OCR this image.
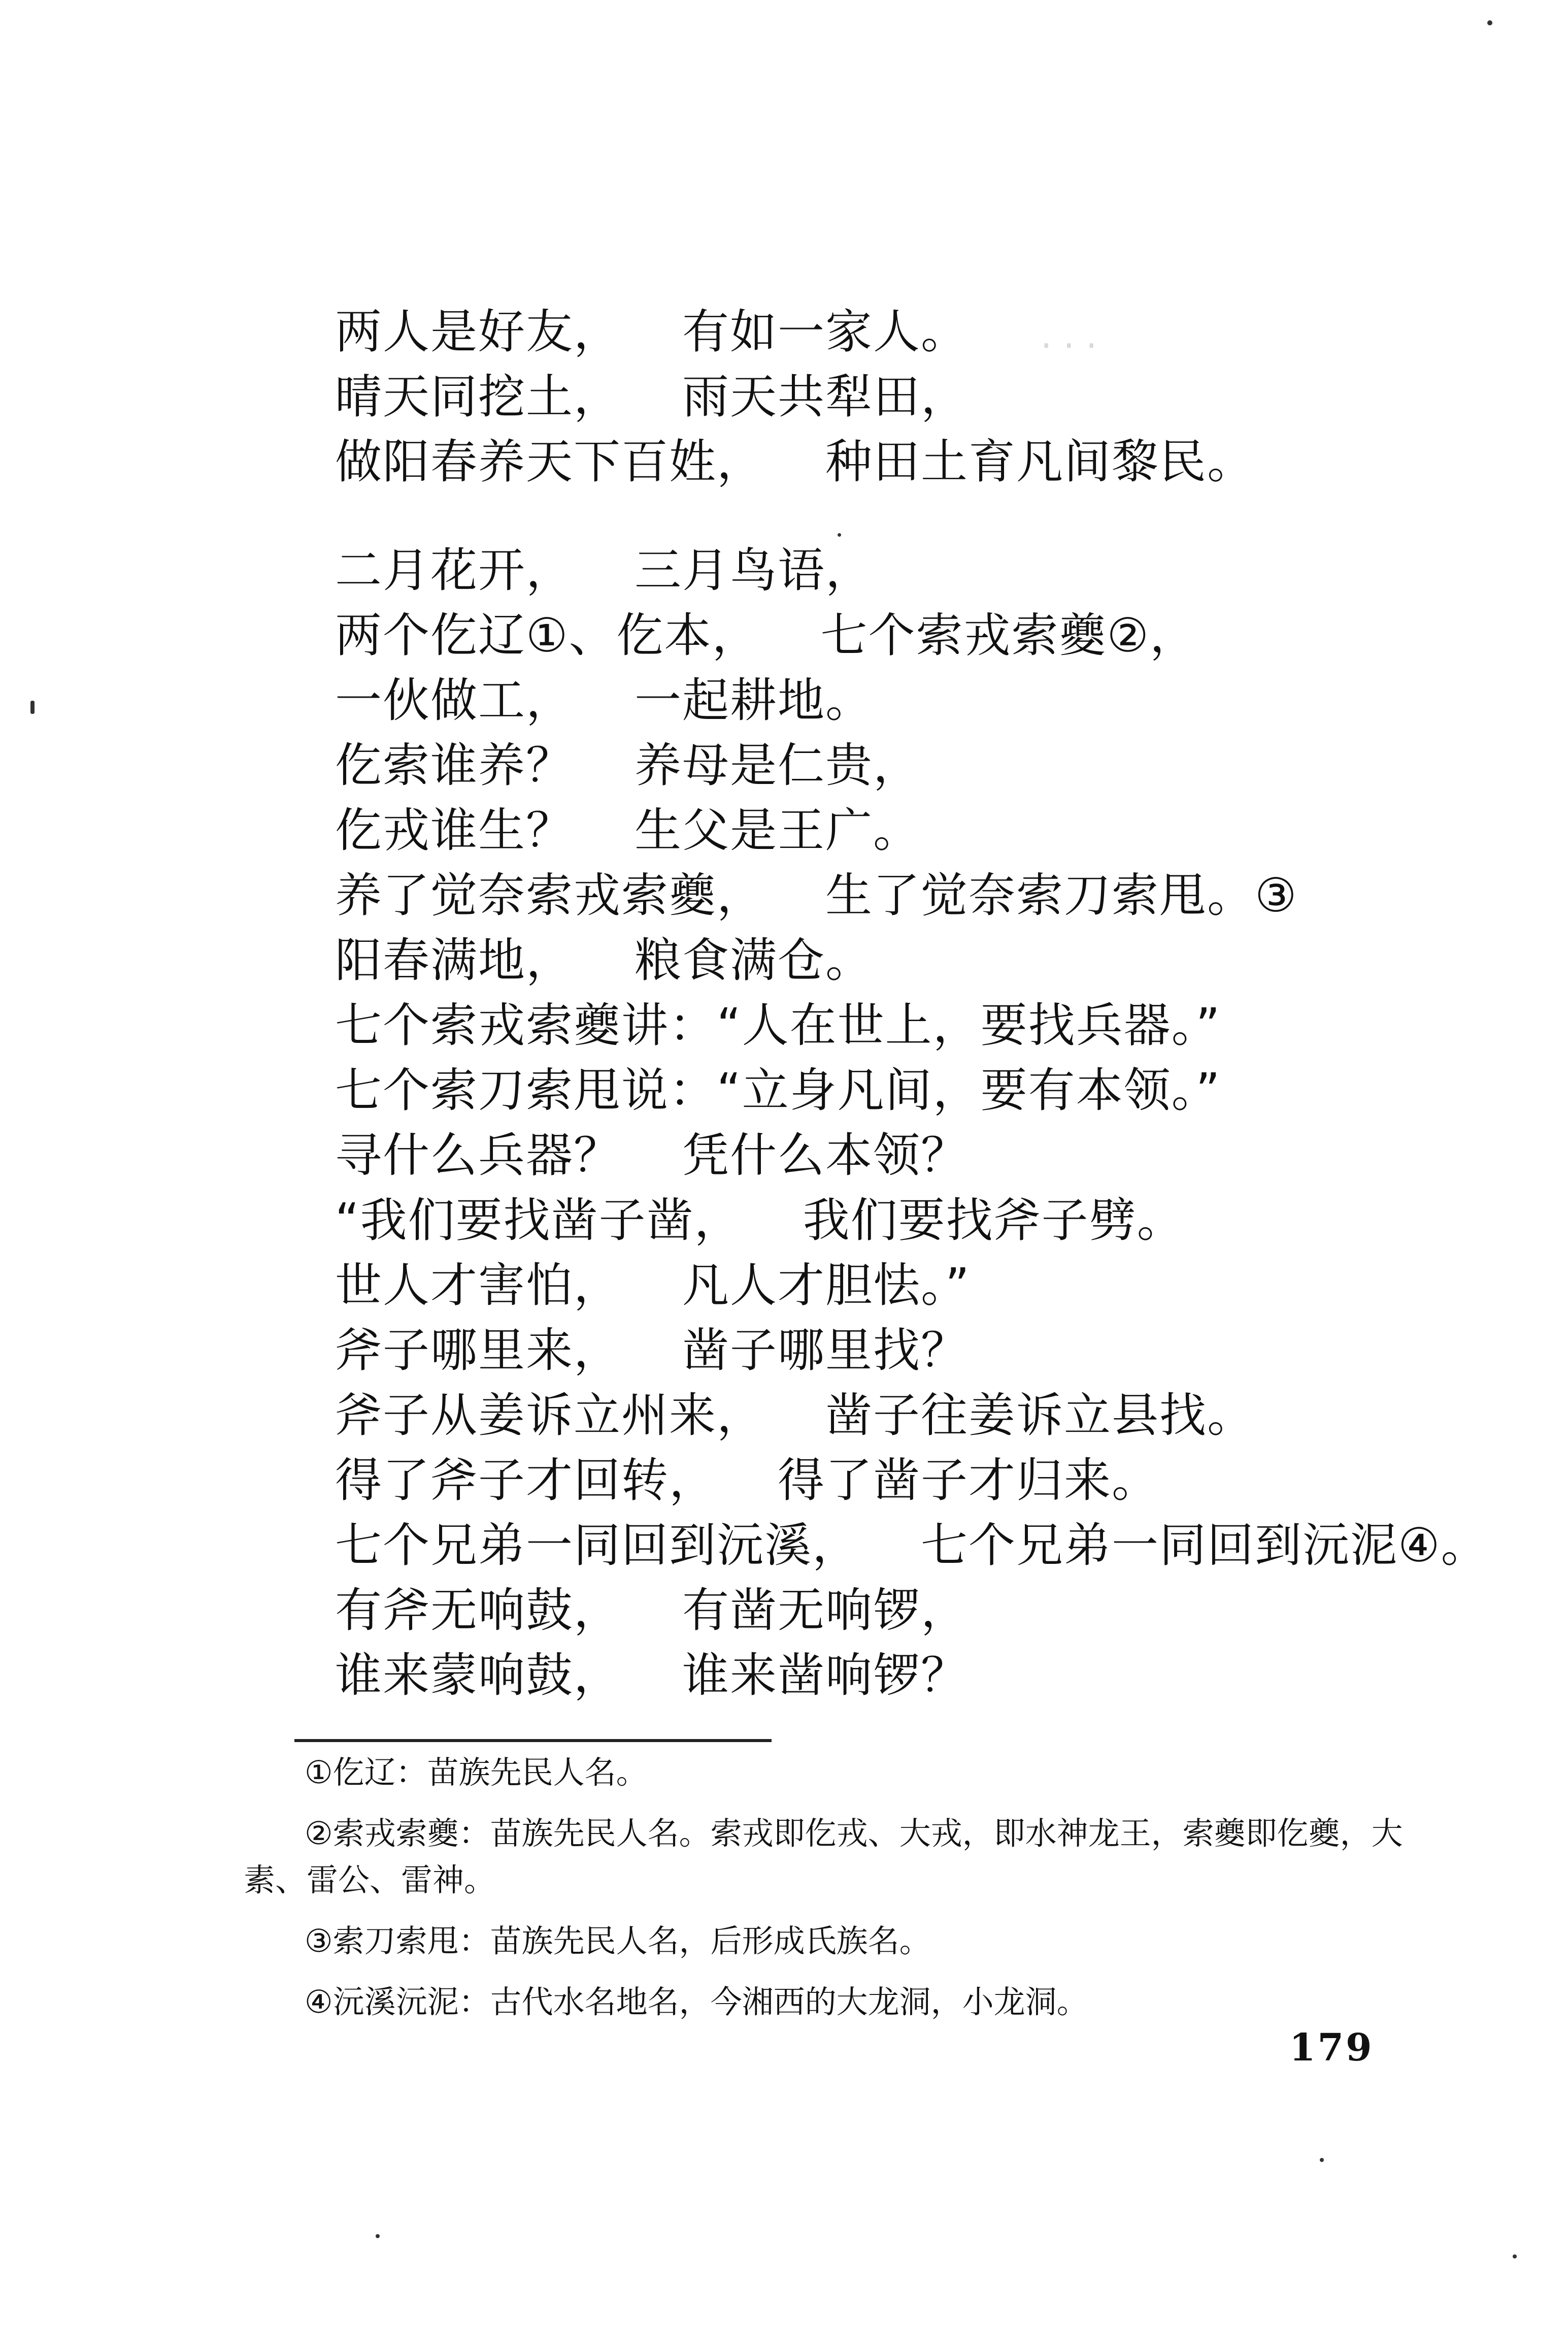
· · ·
两人是好友， 有如一家人。
晴天同挖土， 雨天共犁田，
做阳春养天下百姓， 种田土育凡间黎民。
二月花开， 三月鸟语，
两个仡辽①、仡本， 七个索戎索夔②，
一伙做工， 一起耕地。
仡索谁养？ 养母是仁贵，
仡戎谁生？ 生父是王广。
养了觉奈索戎索夔， 生了觉奈索刀索甩。③
阳春满地， 粮食满仓。
七个索戎索夔讲：“人在世上，要找兵器。”
七个索刀索甩说：“立身凡间，要有本领。”
寻什么兵器？ 凭什么本领？
“我们要找凿子凿， 我们要找斧子劈。
世人才害怕， 凡人才胆怯。”
斧子哪里来， 凿子哪里找？
斧子从姜诉立州来， 凿子往姜诉立县找。
得了斧子才回转， 得了凿子才归来。
七个兄弟一同回到沅溪， 七个兄弟一同回到沅泥④。
有斧无响鼓， 有凿无响锣，
谁来蒙响鼓， 谁来凿响锣？
①仡辽：苗族先民人名。
②索戎索夔：苗族先民人名。索戎即仡戎、大戎，即水神龙王，索夔即仡夔，大
素、雷公、雷神。
③索刀索甩：苗族先民人名，后形成氏族名。
④沅溪沅泥：古代水名地名，今湘西的大龙洞，小龙洞。
179
